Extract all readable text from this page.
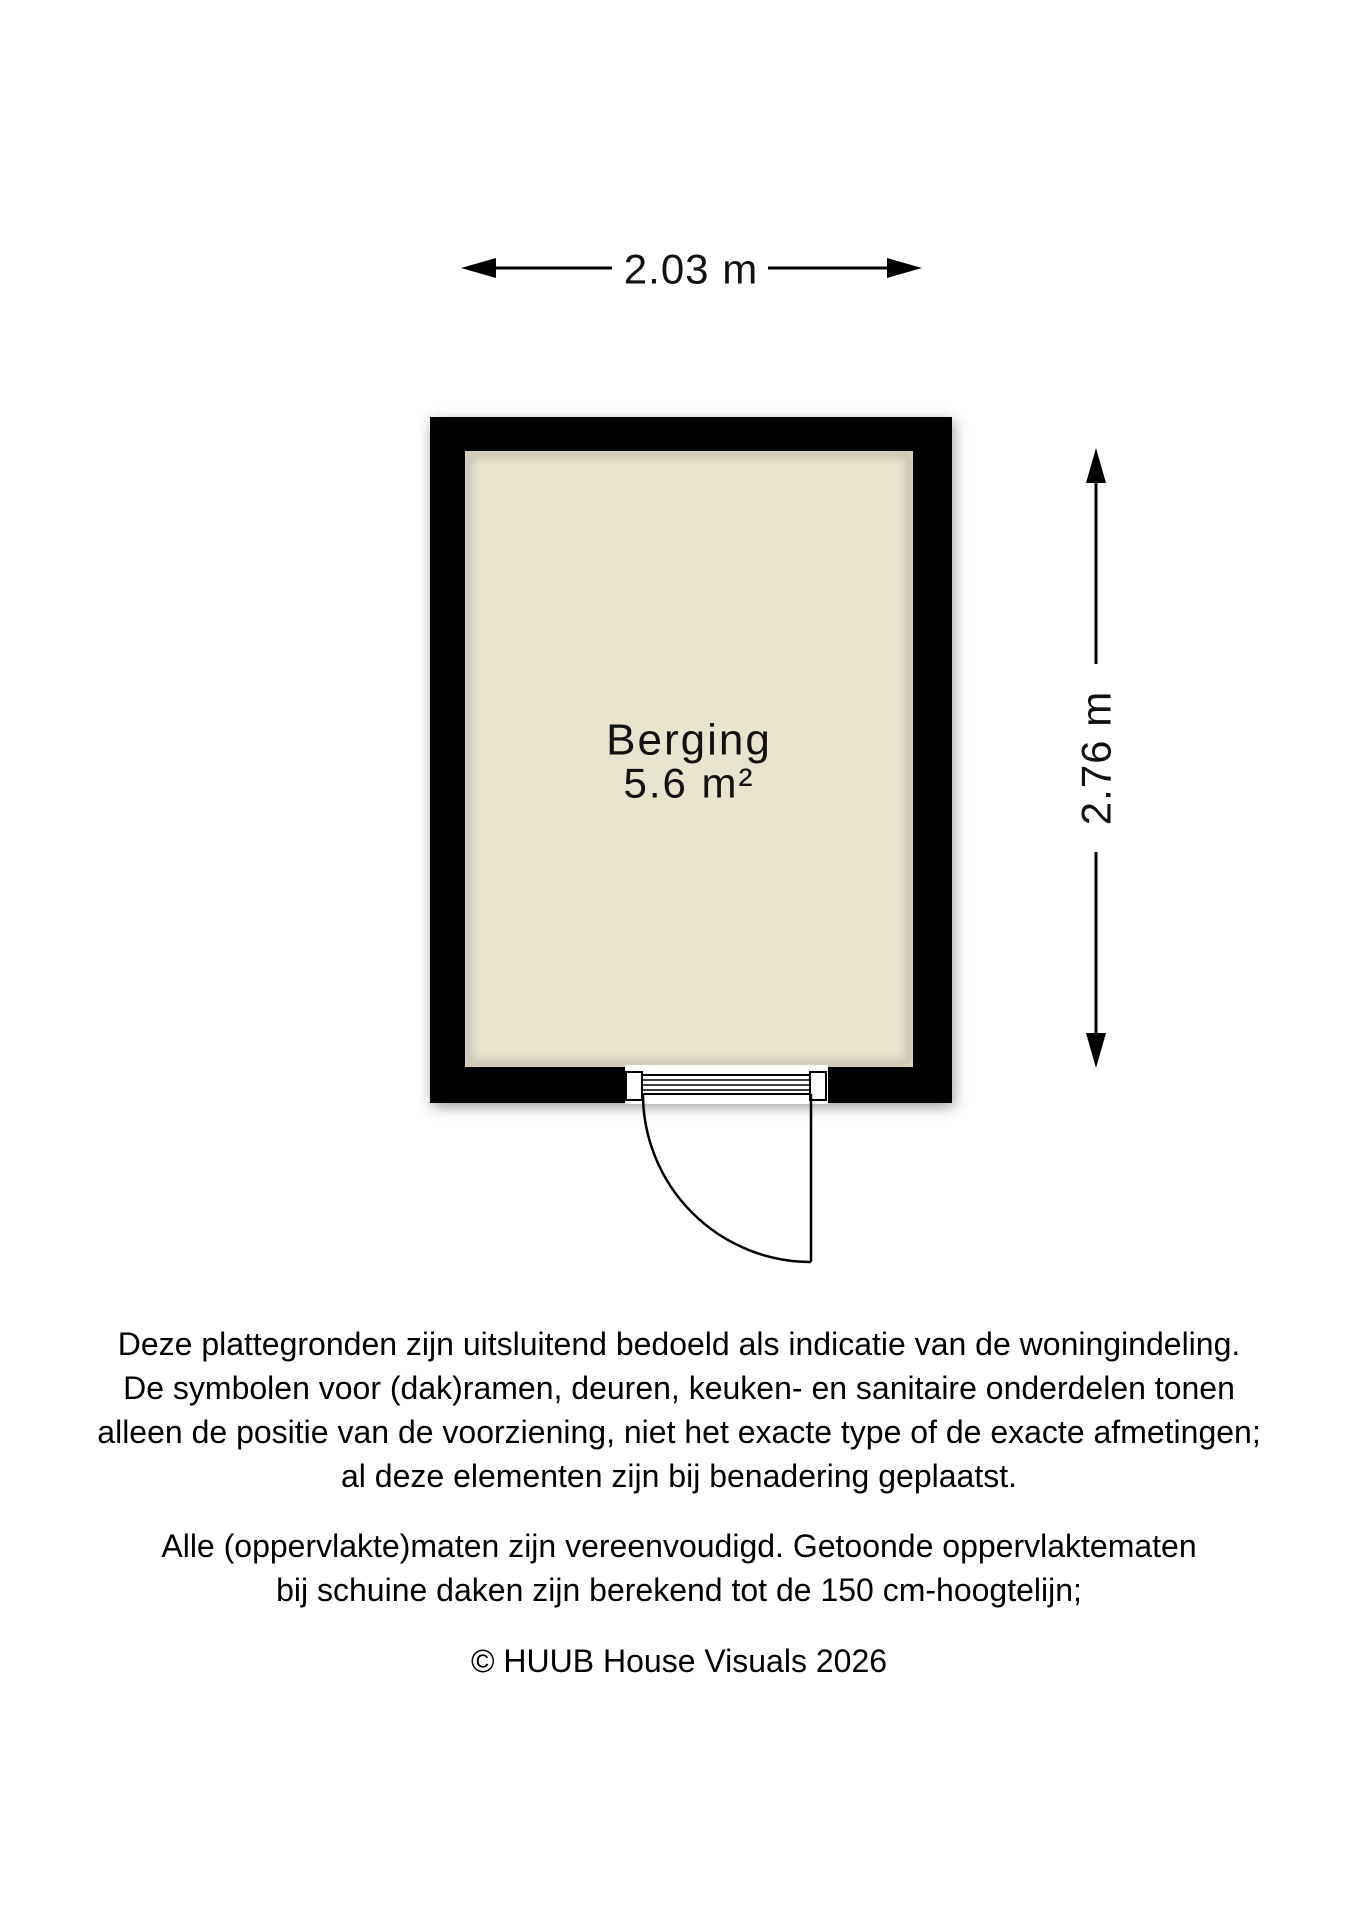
2.03 m
2.76 m
Berging
5.6 m²
Deze plattegronden zijn uitsluitend bedoeld als indicatie van de woningindeling.
De symbolen voor (dak)ramen, deuren, keuken- en sanitaire onderdelen tonen
alleen de positie van de voorziening, niet het exacte type of de exacte afmetingen;
al deze elementen zijn bij benadering geplaatst.
Alle (oppervlakte)maten zijn vereenvoudigd. Getoonde oppervlaktematen
bij schuine daken zijn berekend tot de 150 cm-hoogtelijn;
© HUUB House Visuals 2026
